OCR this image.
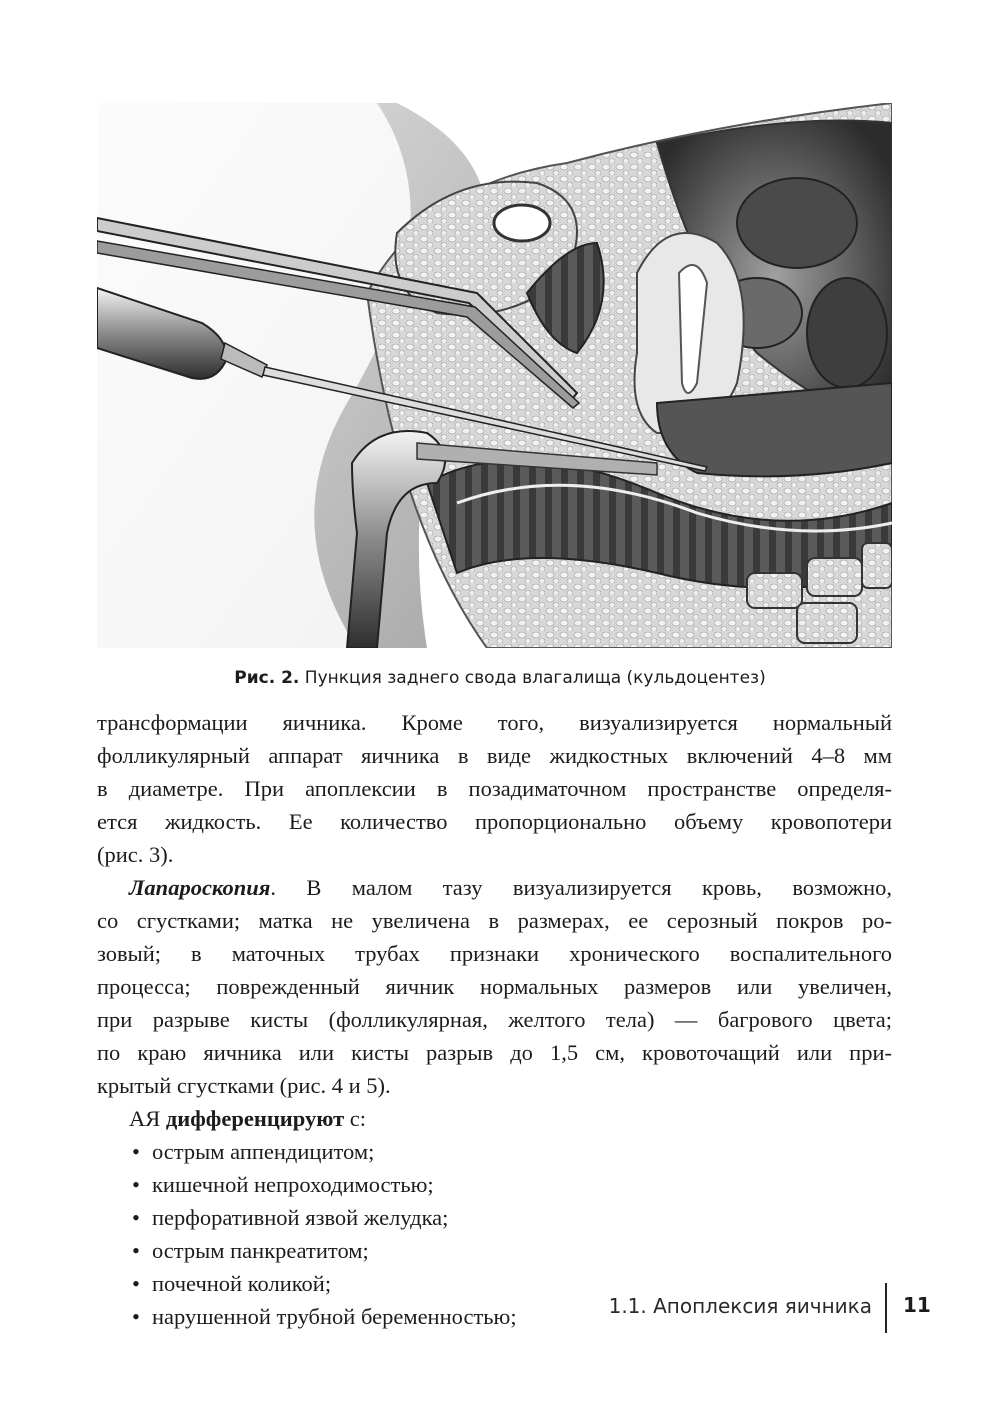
Рис. 2. Пункция заднего свода влагалища (кульдоцентез)
трансформации яичника. Кроме того, визуализируется нормальный
фолликулярный аппарат яичника в виде жидкостных включений 4–8 мм
в диаметре. При апоплексии в позадиматочном пространстве определя-
ется жидкость. Ее количество пропорционально объему кровопотери
(рис. 3).
Лапароскопия. В малом тазу визуализируется кровь, возможно,
со сгустками; матка не увеличена в размерах, ее серозный покров ро-
зовый; в маточных трубах признаки хронического воспалительного
процесса; поврежденный яичник нормальных размеров или увеличен,
при разрыве кисты (фолликулярная, желтого тела) — багрового цвета;
по краю яичника или кисты разрыв до 1,5 см, кровоточащий или при-
крытый сгустками (рис. 4 и 5).
АЯ дифференцируют с:
• острым аппендицитом;
• кишечной непроходимостью;
• перфоративной язвой желудка;
• острым панкреатитом;
• почечной коликой;
• нарушенной трубной беременностью;	1.1. Апоплексия яичника 11
